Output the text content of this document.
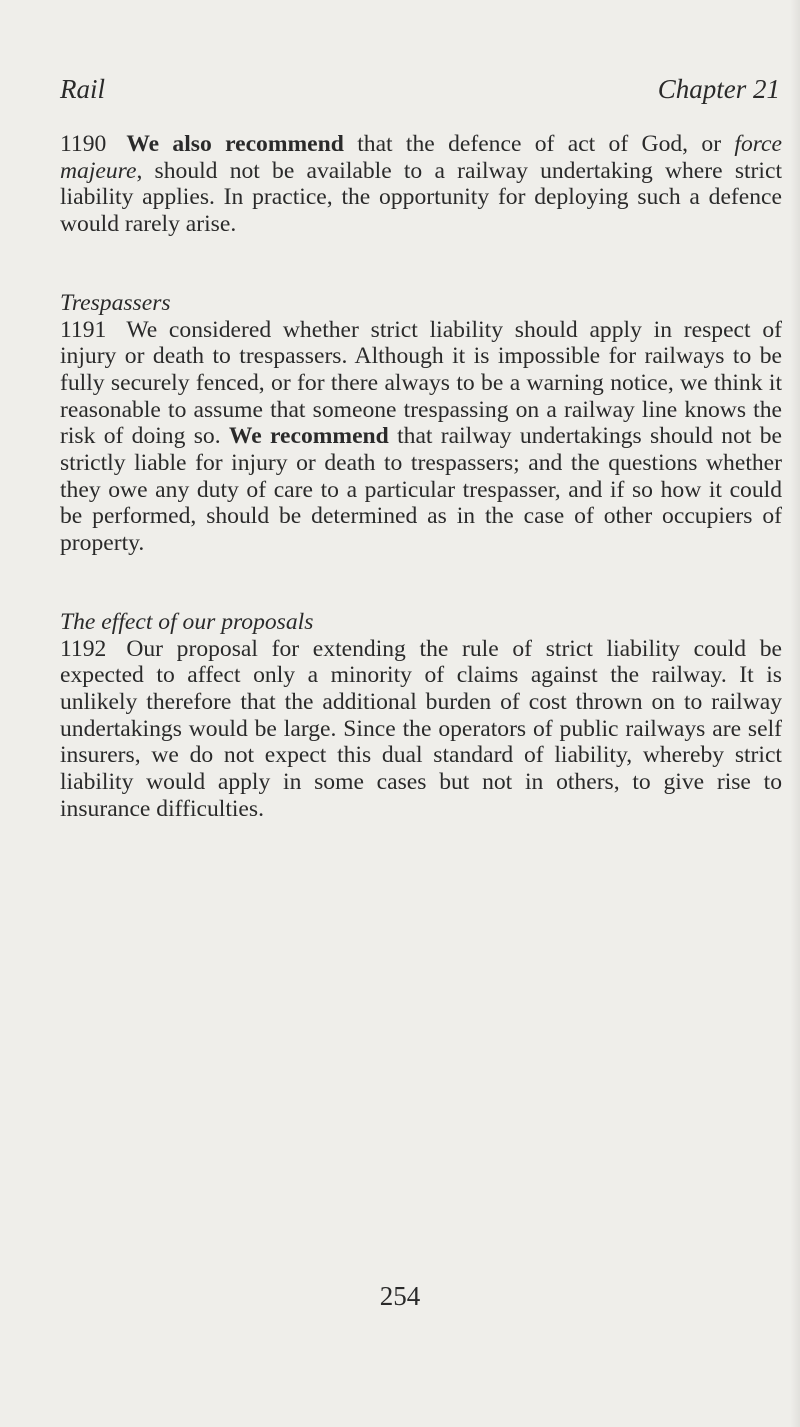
Rail	Chapter 21

1190 We also recommend that the defence of act of God, or force majeure, should not be available to a railway undertaking where strict liability applies. In practice, the opportunity for deploying such a defence would rarely arise.

Trespassers

1191 We considered whether strict liability should apply in respect of injury or death to trespassers. Although it is impossible for railways to be fully securely fenced, or for there always to be a warning notice, we think it reasonable to assume that someone trespassing on a railway line knows the risk of doing so. We recommend that railway undertakings should not be strictly liable for injury or death to trespassers; and the questions whether they owe any duty of care to a particular trespasser, and if so how it could be performed, should be determined as in the case of other occupiers of property.

The effect of our proposals

1192 Our proposal for extending the rule of strict liability could be expected to affect only a minority of claims against the railway. It is unlikely therefore that the additional burden of cost thrown on to railway undertakings would be large. Since the operators of public railways are self insurers, we do not expect this dual standard of liability, whereby strict liability would apply in some cases but not in others, to give rise to insurance difficulties.

254
